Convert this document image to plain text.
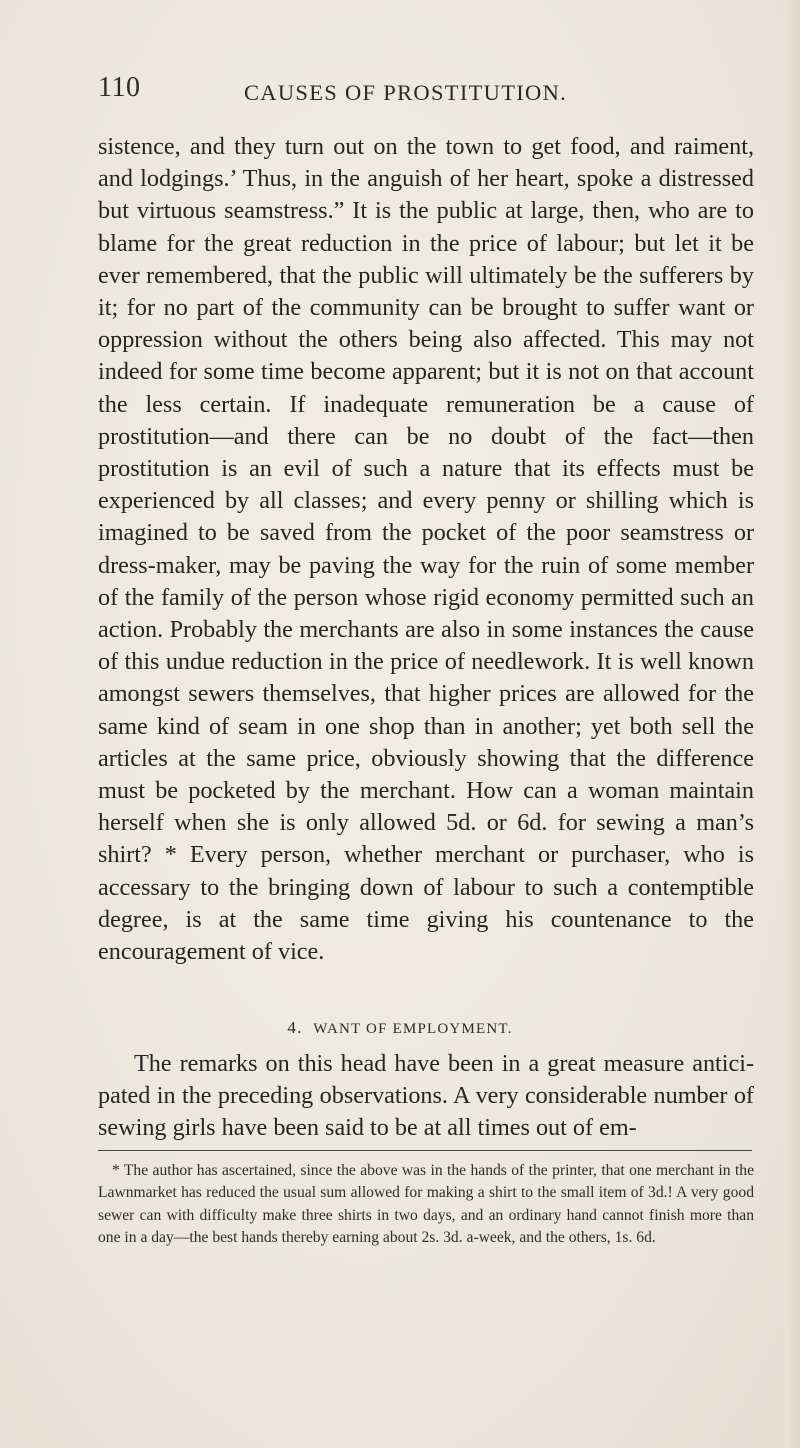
110	CAUSES OF PROSTITUTION.

sistence, and they turn out on the town to get food, and raiment, and lodgings.’ Thus, in the anguish of her heart, spoke a distressed but virtuous seamstress.” It is the public at large, then, who are to blame for the great reduction in the price of labour; but let it be ever remembered, that the public will ultimately be the sufferers by it; for no part of the community can be brought to suffer want or oppression without the others being also affected. This may not indeed for some time become apparent; but it is not on that account the less certain. If inadequate remuneration be a cause of prostitution—and there can be no doubt of the fact—then prostitution is an evil of such a nature that its effects must be experienced by all classes; and every penny or shilling which is imagined to be saved from the pocket of the poor seamstress or dress-maker, may be paving the way for the ruin of some member of the family of the person whose rigid economy permitted such an action. Probably the merchants are also in some instances the cause of this undue reduction in the price of needlework. It is well known amongst sewers themselves, that higher prices are allowed for the same kind of seam in one shop than in another; yet both sell the articles at the same price, obviously showing that the difference must be pocketed by the merchant. How can a woman maintain herself when she is only allowed 5d. or 6d. for sewing a man’s shirt? * Every person, whether merchant or purchaser, who is accessary to the bringing down of labour to such a contemptible degree, is at the same time giving his countenance to the encouragement of vice.

4. WANT OF EMPLOYMENT.

The remarks on this head have been in a great measure anticipated in the preceding observations. A very considerable number of sewing girls have been said to be at all times out of em-

* The author has ascertained, since the above was in the hands of the printer, that one merchant in the Lawnmarket has reduced the usual sum allowed for making a shirt to the small item of 3d.! A very good sewer can with difficulty make three shirts in two days, and an ordinary hand cannot finish more than one in a day—the best hands thereby earning about 2s. 3d. a-week, and the others, 1s. 6d.
